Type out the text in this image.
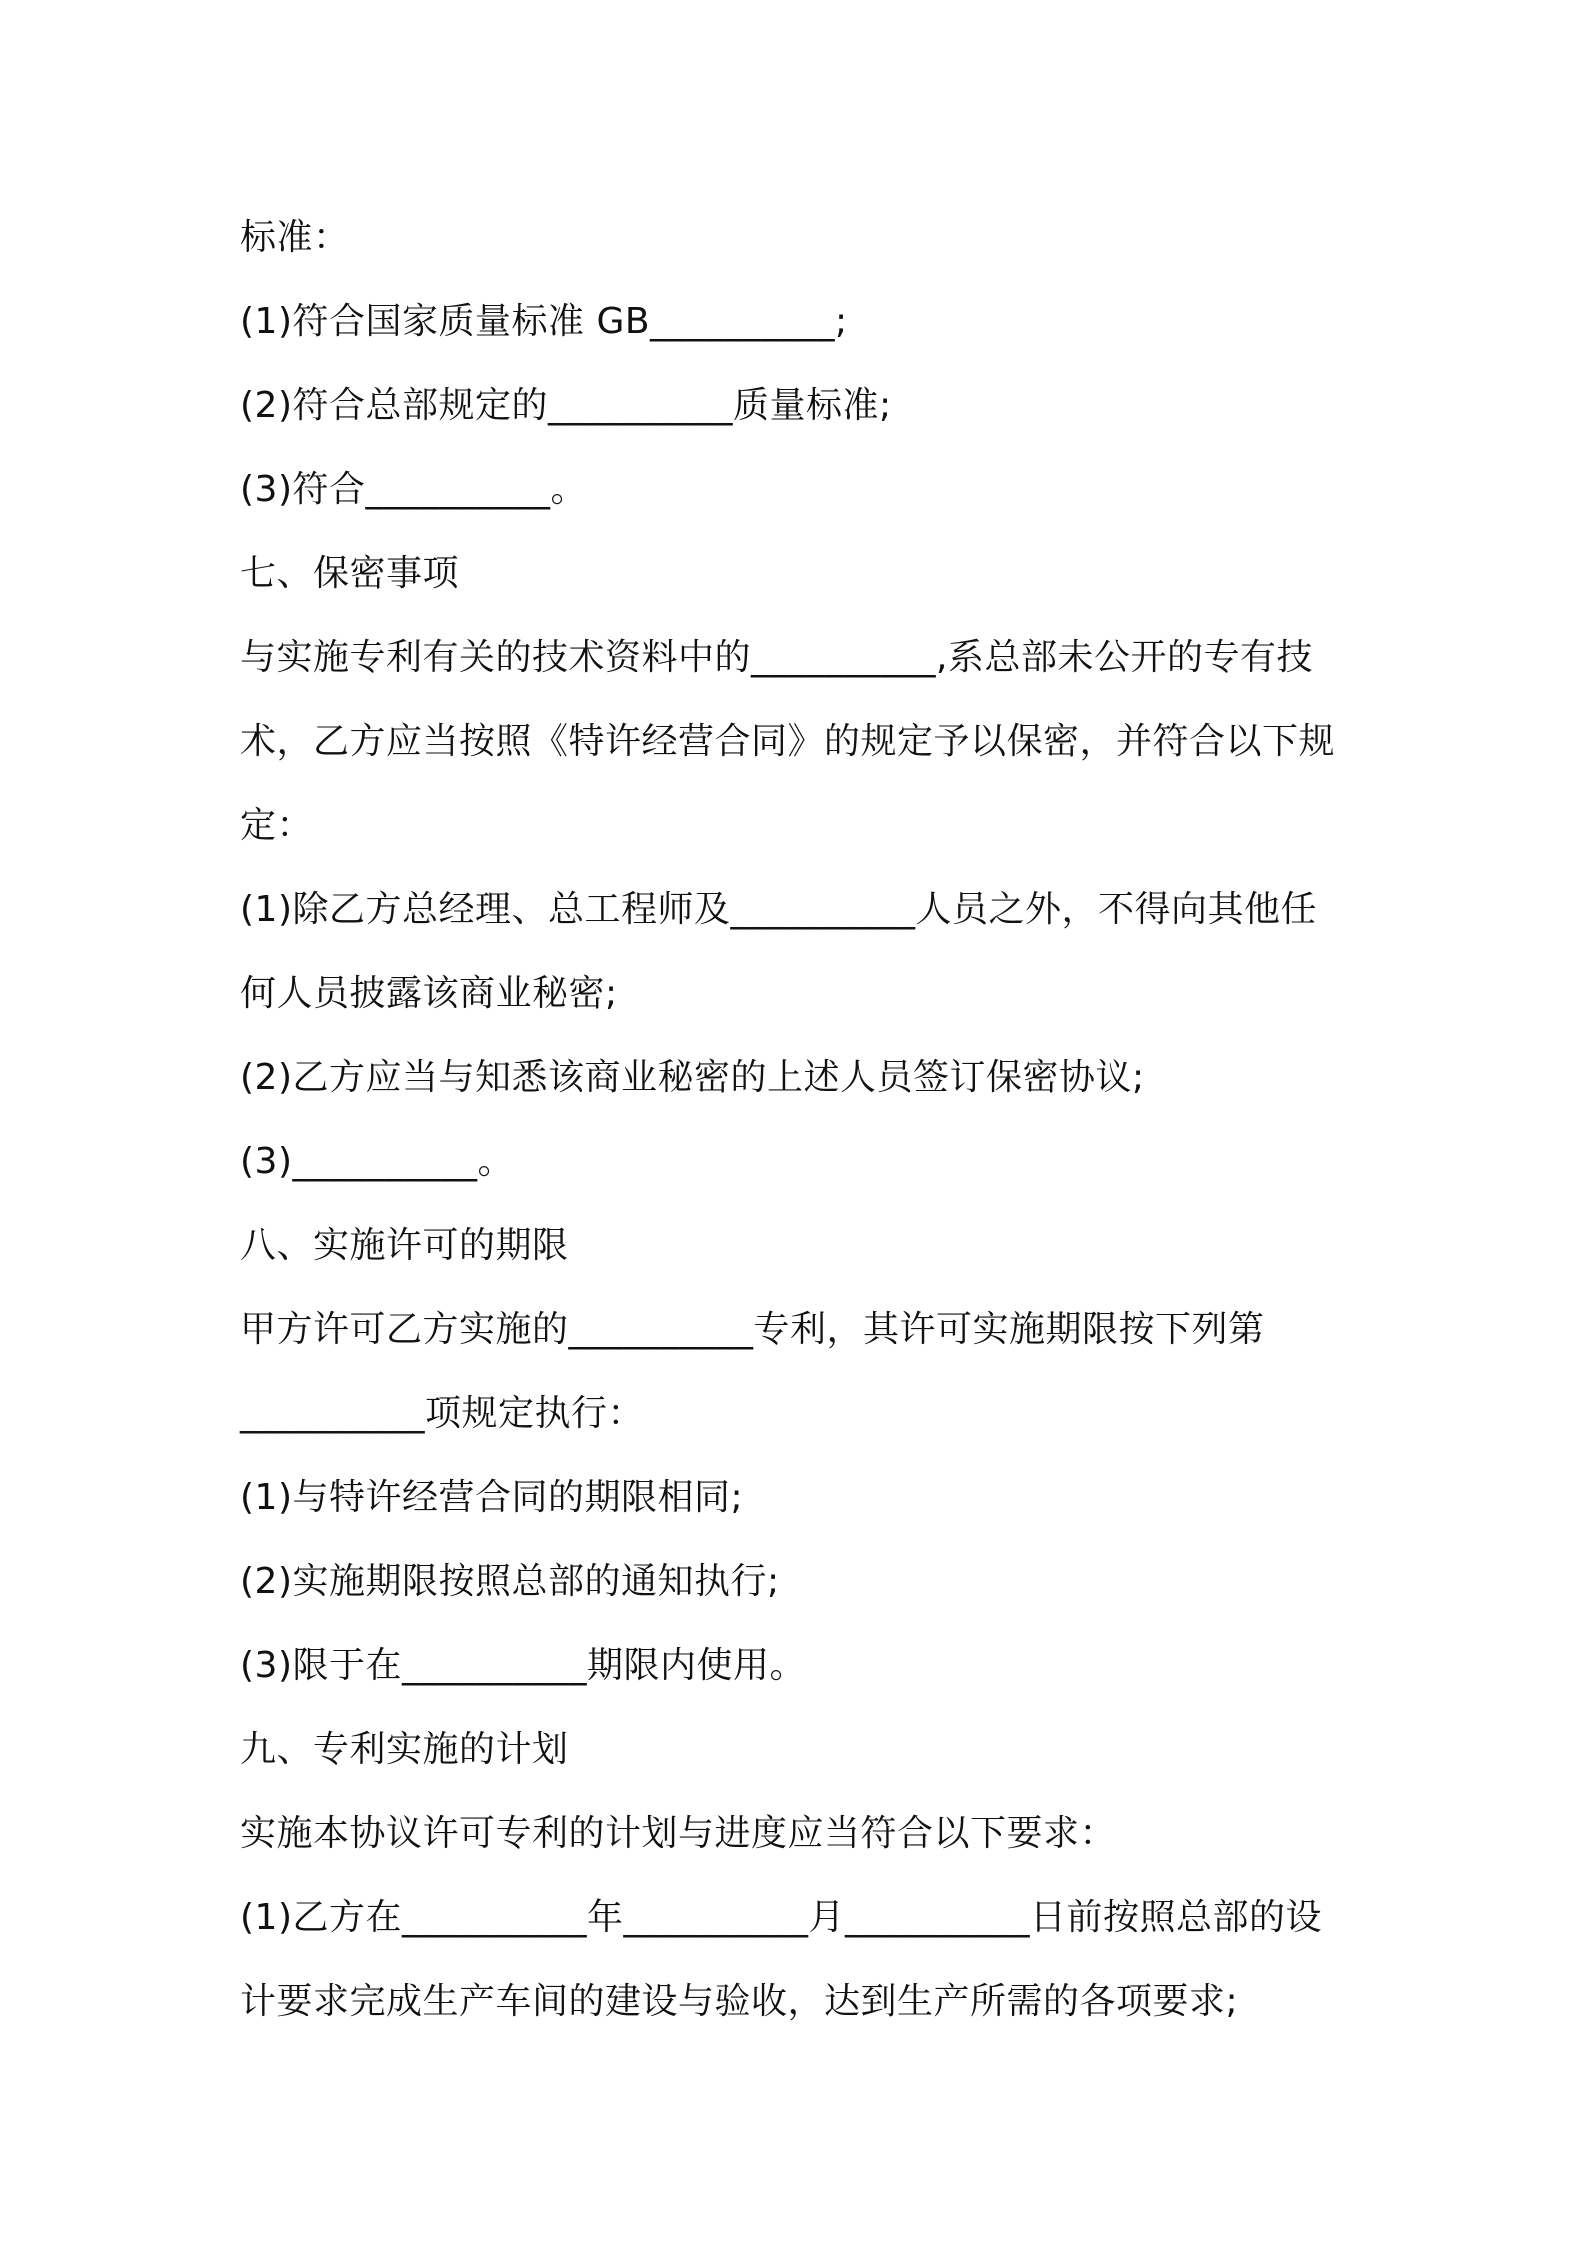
标准：
(1)符合国家质量标准 GB__________;
(2)符合总部规定的__________质量标准;
(3)符合__________。
七、保密事项
与实施专利有关的技术资料中的__________,系总部未公开的专有技
术，乙方应当按照《特许经营合同》的规定予以保密，并符合以下规
定：
(1)除乙方总经理、总工程师及__________人员之外，不得向其他任
何人员披露该商业秘密;
(2)乙方应当与知悉该商业秘密的上述人员签订保密协议;
(3)__________。
八、实施许可的期限
甲方许可乙方实施的__________专利，其许可实施期限按下列第
__________项规定执行：
(1)与特许经营合同的期限相同;
(2)实施期限按照总部的通知执行;
(3)限于在__________期限内使用。
九、专利实施的计划
实施本协议许可专利的计划与进度应当符合以下要求：
(1)乙方在__________年__________月__________日前按照总部的设
计要求完成生产车间的建设与验收，达到生产所需的各项要求;
